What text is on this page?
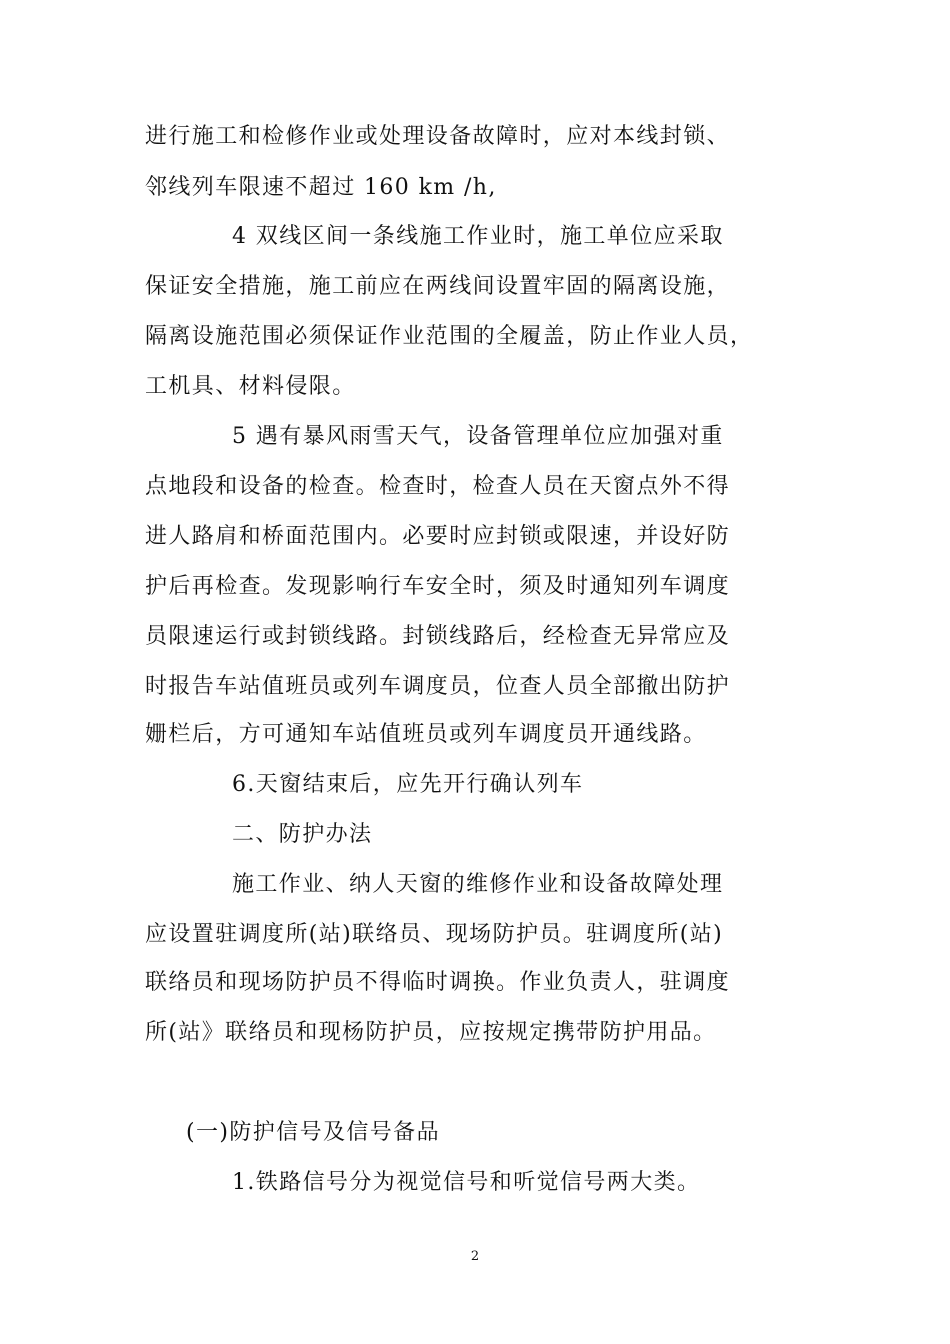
进行施工和检修作业或处理设备故障时，应对本线封锁、
邻线列车限速不超过 160 km /h,
4 双线区间一条线施工作业时，施工单位应采取
保证安全措施，施工前应在两线间设置牢固的隔离设施，
隔离设施范围必须保证作业范围的全履盖，防止作业人员，
工机具、材料侵限。
5 遇有暴风雨雪天气，设备管理单位应加强对重
点地段和设备的检查。检查时，检查人员在天窗点外不得
进人路肩和桥面范围内。必要时应封锁或限速，并设好防
护后再检查。发现影响行车安全时，须及时通知列车调度
员限速运行或封锁线路。封锁线路后，经检查无异常应及
时报告车站值班员或列车调度员，位查人员全部撤出防护
姗栏后，方可通知车站值班员或列车调度员开通线路。
6.天窗结束后，应先开行确认列车
二、防护办法
施工作业、纳人天窗的维修作业和设备故障处理
应设置驻调度所(站)联络员、现场防护员。驻调度所(站)
联络员和现场防护员不得临时调换。作业负责人，驻调度
所(站》联络员和现杨防护员，应按规定携带防护用品。
(一)防护信号及信号备品
1.铁路信号分为视觉信号和听觉信号两大类。
2
